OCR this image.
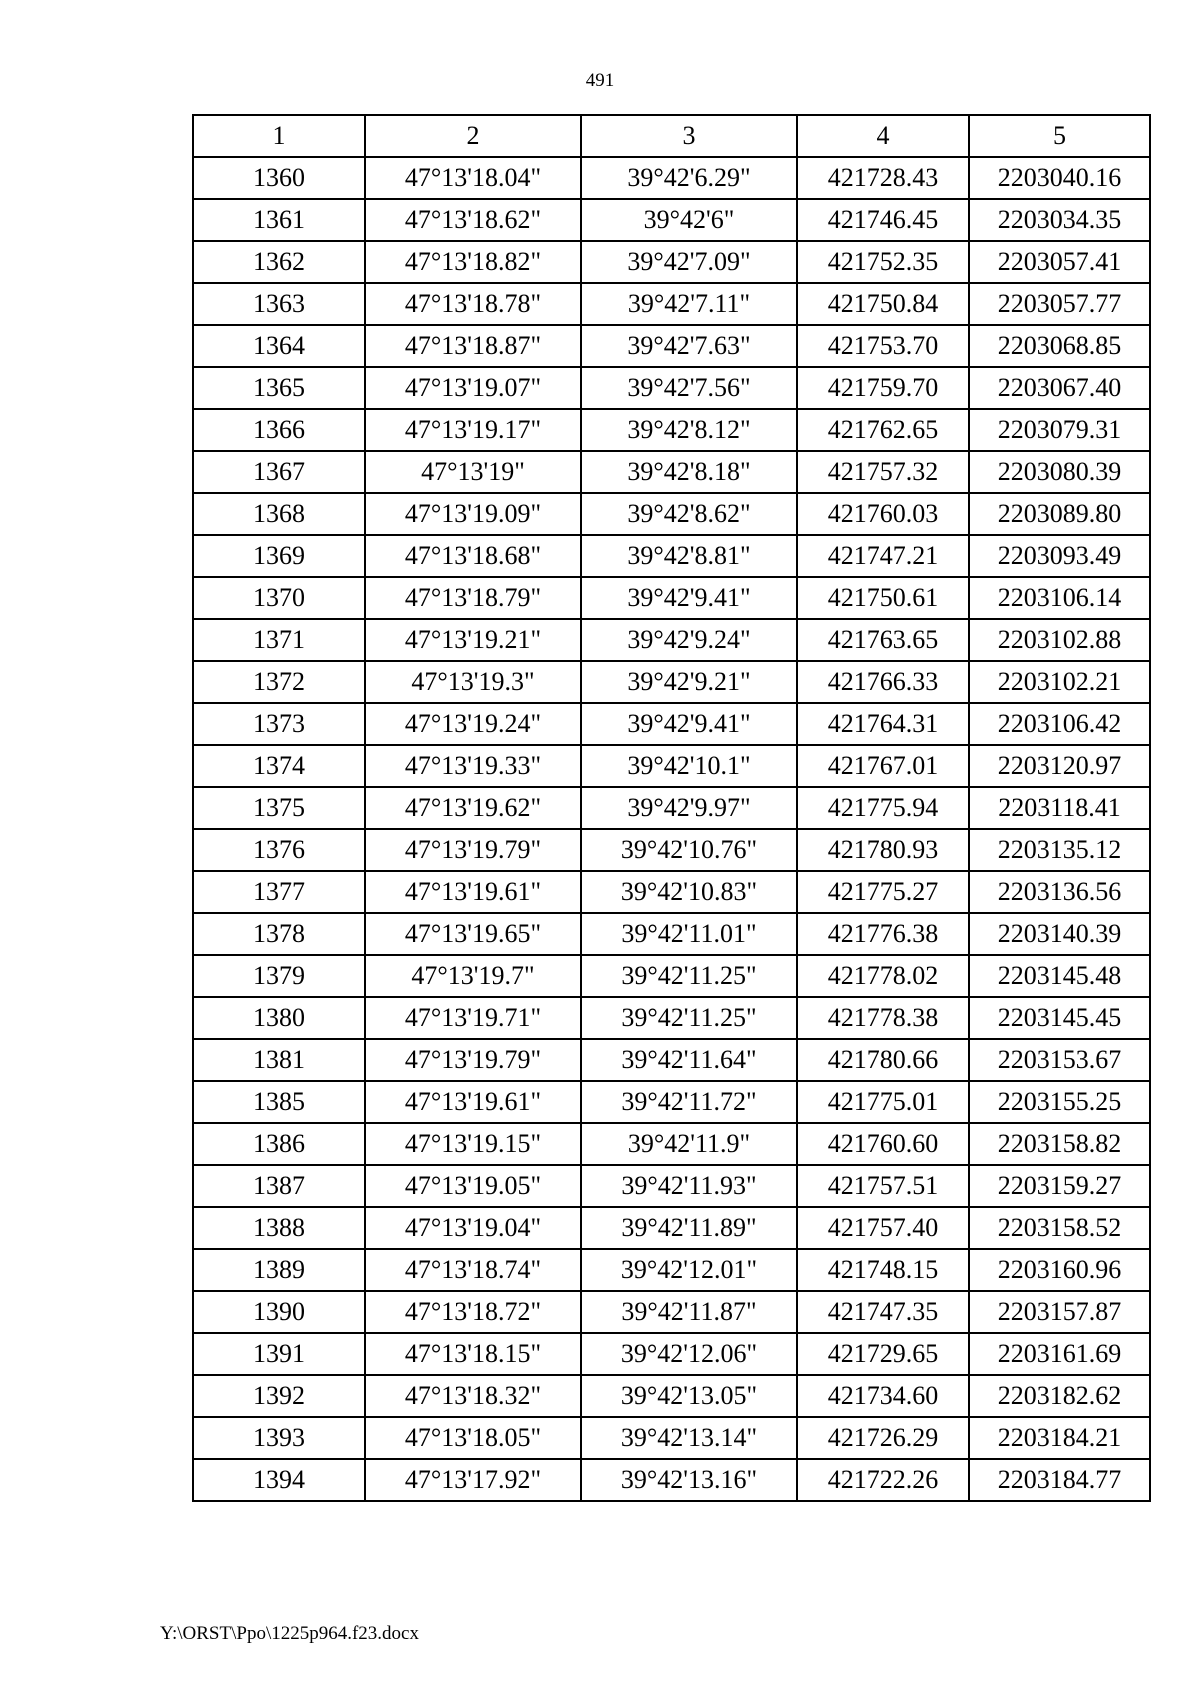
491
1	2	3	4	5
1360	47°13'18.04"	39°42'6.29"	421728.43	2203040.16
1361	47°13'18.62"	39°42'6"	421746.45	2203034.35
1362	47°13'18.82"	39°42'7.09"	421752.35	2203057.41
1363	47°13'18.78"	39°42'7.11"	421750.84	2203057.77
1364	47°13'18.87"	39°42'7.63"	421753.70	2203068.85
1365	47°13'19.07"	39°42'7.56"	421759.70	2203067.40
1366	47°13'19.17"	39°42'8.12"	421762.65	2203079.31
1367	47°13'19"	39°42'8.18"	421757.32	2203080.39
1368	47°13'19.09"	39°42'8.62"	421760.03	2203089.80
1369	47°13'18.68"	39°42'8.81"	421747.21	2203093.49
1370	47°13'18.79"	39°42'9.41"	421750.61	2203106.14
1371	47°13'19.21"	39°42'9.24"	421763.65	2203102.88
1372	47°13'19.3"	39°42'9.21"	421766.33	2203102.21
1373	47°13'19.24"	39°42'9.41"	421764.31	2203106.42
1374	47°13'19.33"	39°42'10.1"	421767.01	2203120.97
1375	47°13'19.62"	39°42'9.97"	421775.94	2203118.41
1376	47°13'19.79"	39°42'10.76"	421780.93	2203135.12
1377	47°13'19.61"	39°42'10.83"	421775.27	2203136.56
1378	47°13'19.65"	39°42'11.01"	421776.38	2203140.39
1379	47°13'19.7"	39°42'11.25"	421778.02	2203145.48
1380	47°13'19.71"	39°42'11.25"	421778.38	2203145.45
1381	47°13'19.79"	39°42'11.64"	421780.66	2203153.67
1385	47°13'19.61"	39°42'11.72"	421775.01	2203155.25
1386	47°13'19.15"	39°42'11.9"	421760.60	2203158.82
1387	47°13'19.05"	39°42'11.93"	421757.51	2203159.27
1388	47°13'19.04"	39°42'11.89"	421757.40	2203158.52
1389	47°13'18.74"	39°42'12.01"	421748.15	2203160.96
1390	47°13'18.72"	39°42'11.87"	421747.35	2203157.87
1391	47°13'18.15"	39°42'12.06"	421729.65	2203161.69
1392	47°13'18.32"	39°42'13.05"	421734.60	2203182.62
1393	47°13'18.05"	39°42'13.14"	421726.29	2203184.21
1394	47°13'17.92"	39°42'13.16"	421722.26	2203184.77
Y:\ORST\Ppo\1225p964.f23.docx
